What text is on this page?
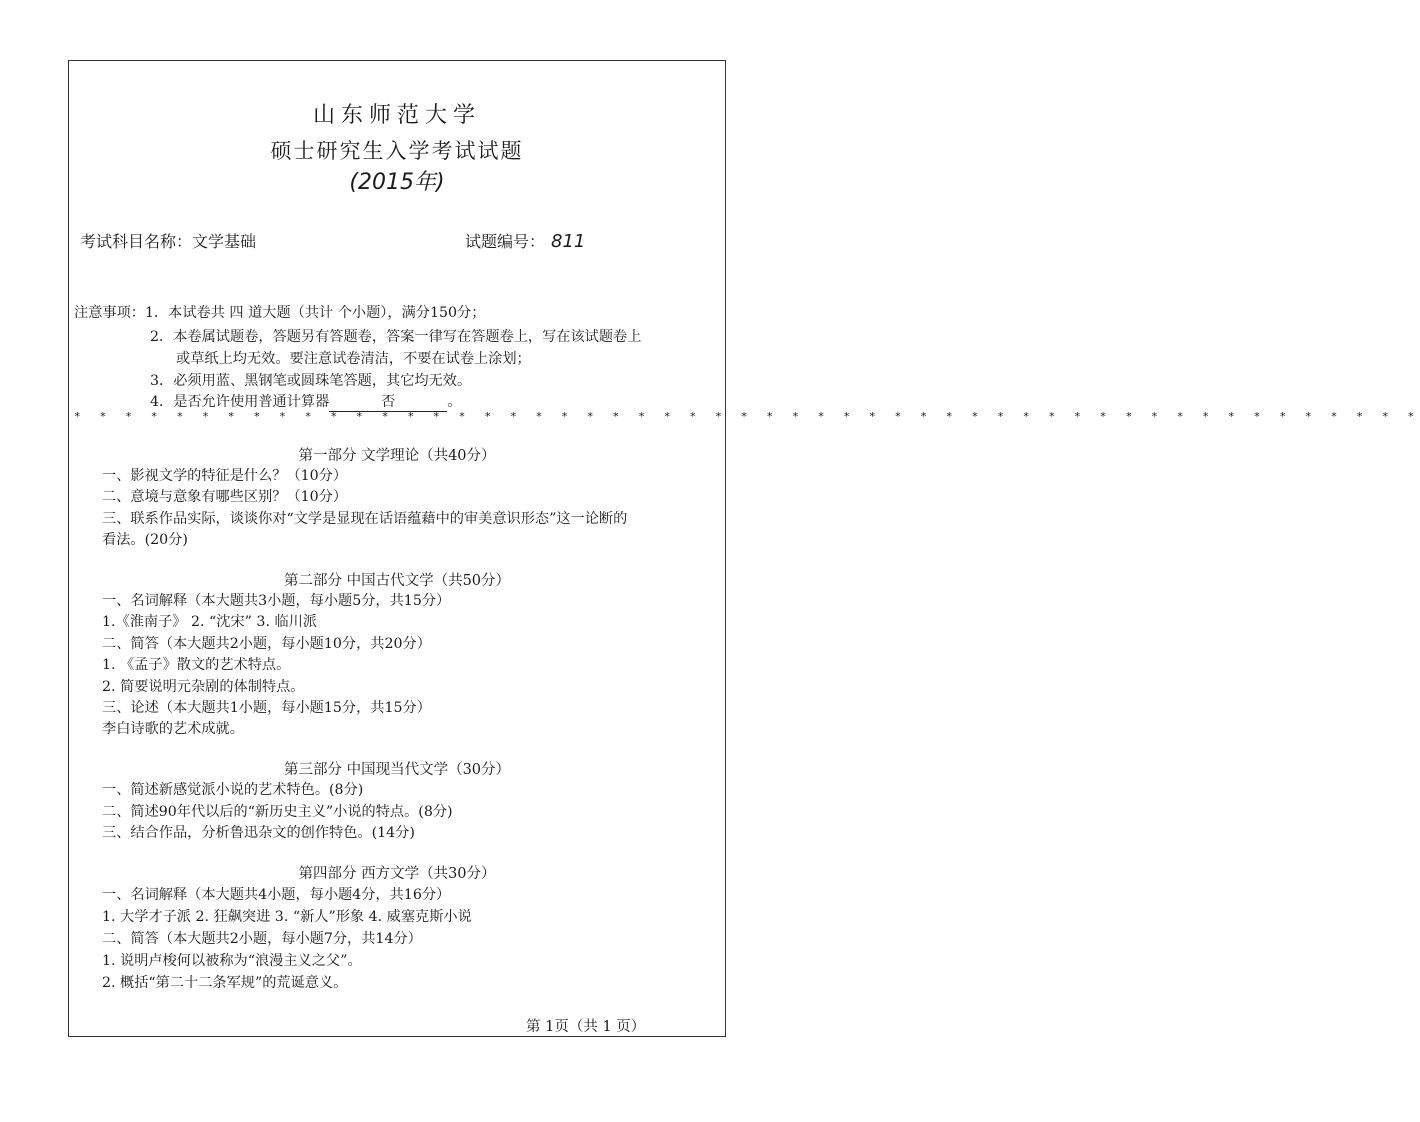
山东师范大学
硕士研究生入学考试试题
(2015年)
考试科目名称：文学基础	试题编号： 811
注意事项：1．本试卷共 四 道大题（共计 个小题），满分150分；
2．本卷属试题卷，答题另有答题卷，答案一律写在答题卷上，写在该试题卷上
或草纸上均无效。要注意试卷清洁，不要在试卷上涂划；
3．必须用蓝、黑钢笔或圆珠笔答题，其它均无效。
4．是否允许使用普通计算器	否	。
* * * * * * * * * * * * * * * * * * * * * * * * * * * * * * * * * * * * * * * * * * * * * * * * * * * * *
第一部分 文学理论（共40分）
一、影视文学的特征是什么？（10分）
二、意境与意象有哪些区别？（10分）
三、联系作品实际，谈谈你对“文学是显现在话语蕴藉中的审美意识形态”这一论断的
看法。(20分)
第二部分 中国古代文学（共50分）
一、名词解释（本大题共3小题，每小题5分，共15分）
1.《淮南子》 2. “沈宋” 3. 临川派
二、简答（本大题共2小题，每小题10分，共20分）
1. 《孟子》散文的艺术特点。
2. 简要说明元杂剧的体制特点。
三、论述（本大题共1小题，每小题15分，共15分）
李白诗歌的艺术成就。
第三部分 中国现当代文学（30分）
一、简述新感觉派小说的艺术特色。(8分)
二、简述90年代以后的“新历史主义”小说的特点。(8分)
三、结合作品，分析鲁迅杂文的创作特色。(14分)
第四部分 西方文学（共30分）
一、名词解释（本大题共4小题，每小题4分，共16分）
1. 大学才子派 2. 狂飙突进 3. “新人”形象 4. 威塞克斯小说
二、简答（本大题共2小题，每小题7分，共14分）
1. 说明卢梭何以被称为“浪漫主义之父”。
2. 概括“第二十二条军规”的荒诞意义。
第 1页（共 1 页）
